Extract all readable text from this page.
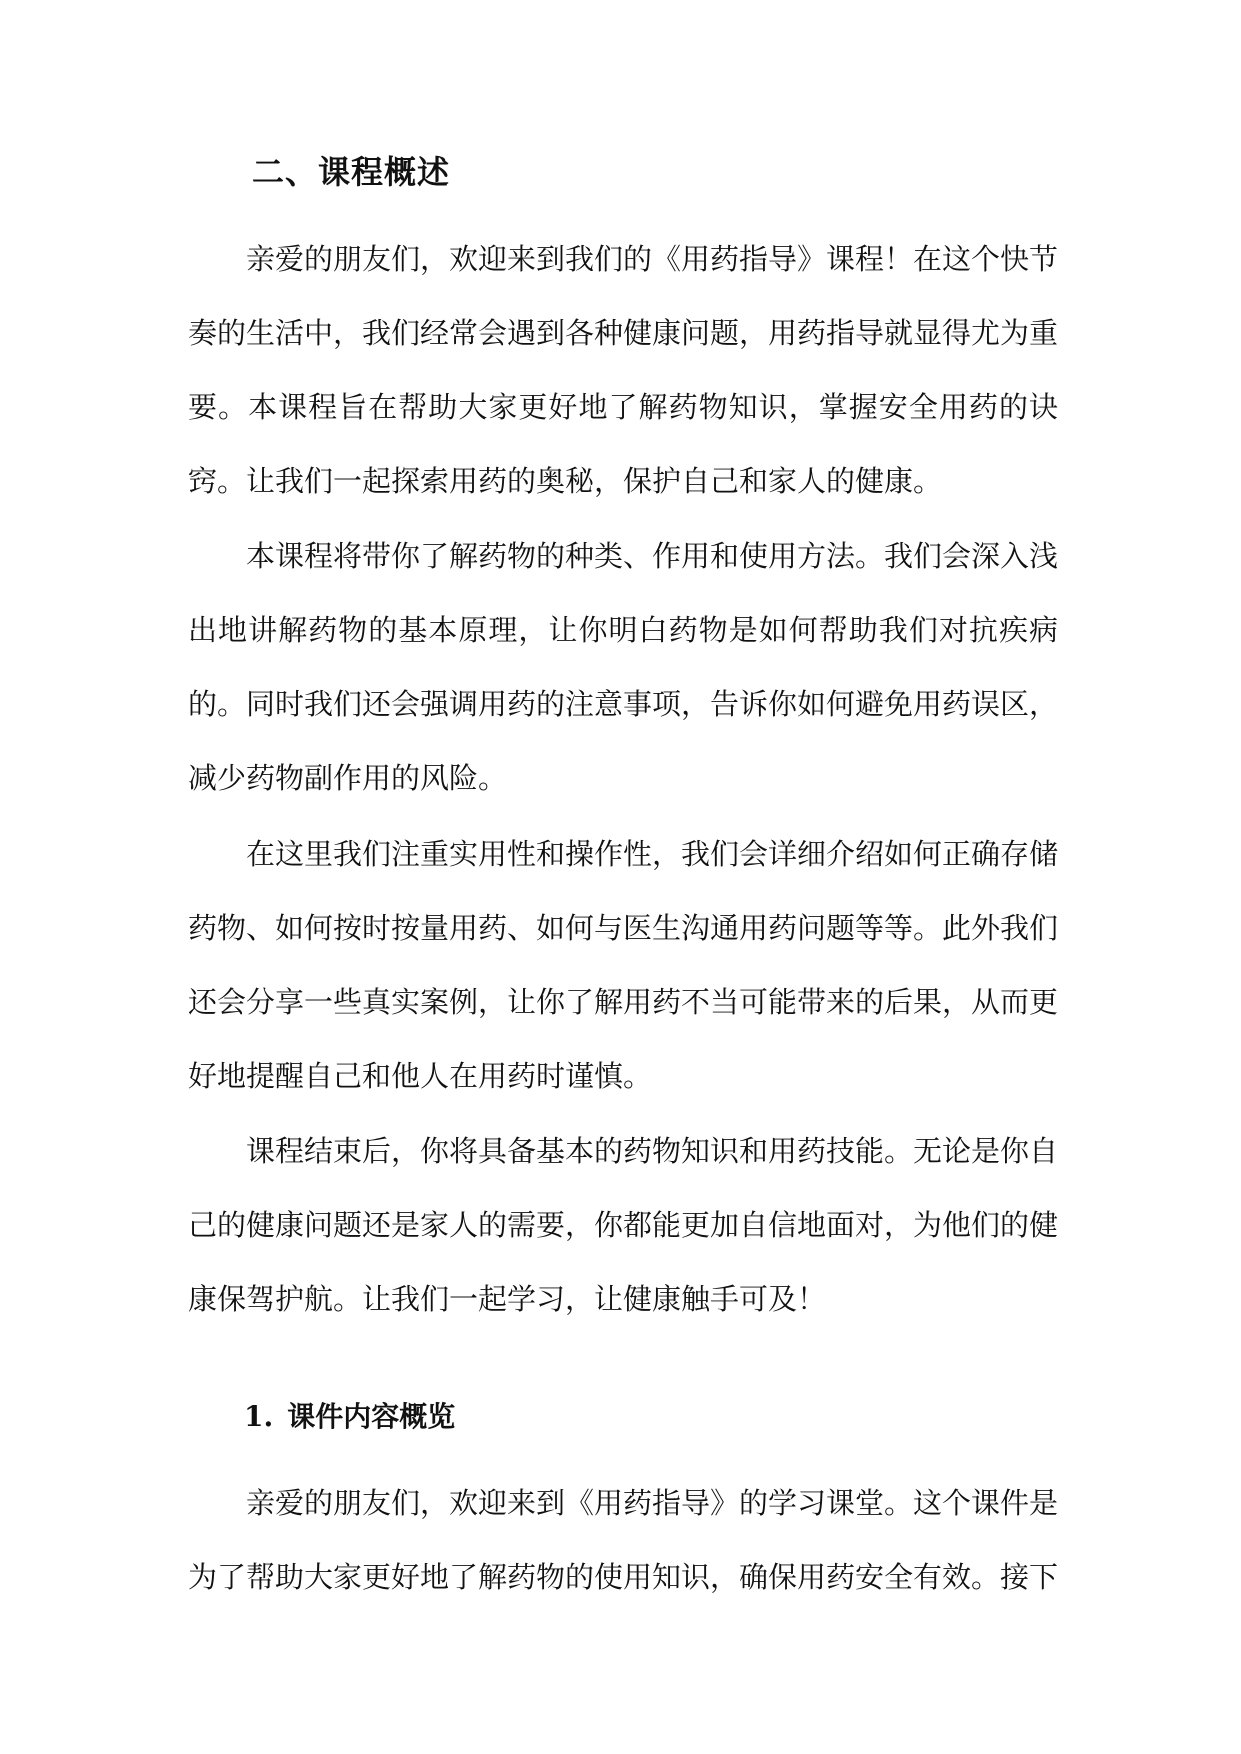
二、课程概述

亲爱的朋友们，欢迎来到我们的《用药指导》课程！在这个快节奏的生活中，我们经常会遇到各种健康问题，用药指导就显得尤为重要。本课程旨在帮助大家更好地了解药物知识，掌握安全用药的诀窍。让我们一起探索用药的奥秘，保护自己和家人的健康。

本课程将带你了解药物的种类、作用和使用方法。我们会深入浅出地讲解药物的基本原理，让你明白药物是如何帮助我们对抗疾病的。同时我们还会强调用药的注意事项，告诉你如何避免用药误区，减少药物副作用的风险。

在这里我们注重实用性和操作性，我们会详细介绍如何正确存储药物、如何按时按量用药、如何与医生沟通用药问题等等。此外我们还会分享一些真实案例，让你了解用药不当可能带来的后果，从而更好地提醒自己和他人在用药时谨慎。

课程结束后，你将具备基本的药物知识和用药技能。无论是你自己的健康问题还是家人的需要，你都能更加自信地面对，为他们的健康保驾护航。让我们一起学习，让健康触手可及！

1. 课件内容概览

亲爱的朋友们，欢迎来到《用药指导》的学习课堂。这个课件是为了帮助大家更好地了解药物的使用知识，确保用药安全有效。接下
